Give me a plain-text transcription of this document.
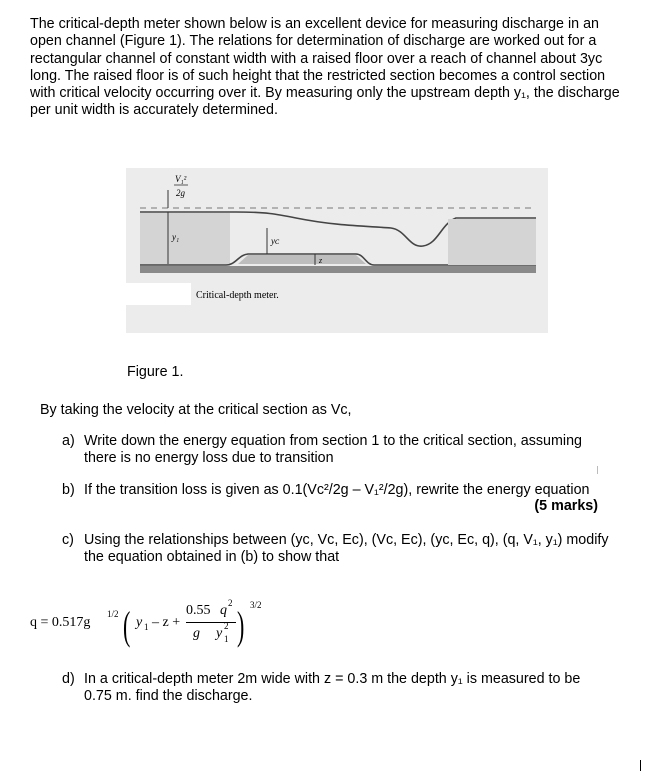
The critical-depth meter shown below is an excellent device for measuring discharge in an open channel (Figure 1). The relations for determination of discharge are worked out for a rectangular channel of constant width with a raised floor over a reach of channel about 3yᴄ long. The raised floor is of such height that the restricted section becomes a control section with critical velocity occurring over it. By measuring only the upstream depth y₁, the discharge per unit width is accurately determined.

V₁²
2g
y₁	yᴄ
z
Critical-depth meter.
Figure 1.
By taking the velocity at the critical section as Vᴄ,
a) Write down the energy equation from section 1 to the critical section, assuming there is no energy loss due to transition
b) If the transition loss is given as 0.1(Vᴄ²/2g – V₁²/2g), rewrite the energy equation
(5 marks)
c) Using the relationships between (yᴄ, Vᴄ, Eᴄ), (Vᴄ, Eᴄ), (yᴄ, Eᴄ, q), (q, V₁, y₁) modify the equation obtained in (b) to show that
q = 0.517g
1/2 ( y 1 – z +
0.55 q 2
g y 2
1 ) 3/2
d) In a critical-depth meter 2m wide with z = 0.3 m the depth y₁ is measured to be 0.75 m. find the discharge.
